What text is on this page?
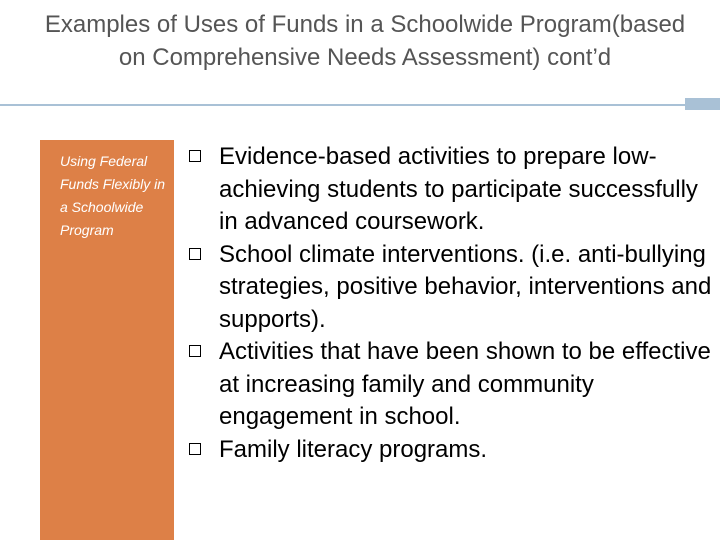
Examples of Uses of Funds in a Schoolwide Program(based on Comprehensive Needs Assessment) cont’d
Using Federal Funds Flexibly in a Schoolwide Program
Evidence-based activities to prepare low-achieving students to participate successfully in advanced coursework.
School climate interventions. (i.e. anti-bullying strategies, positive behavior, interventions and supports).
Activities that have been shown to be effective at increasing family and community engagement in school.
Family literacy programs.
